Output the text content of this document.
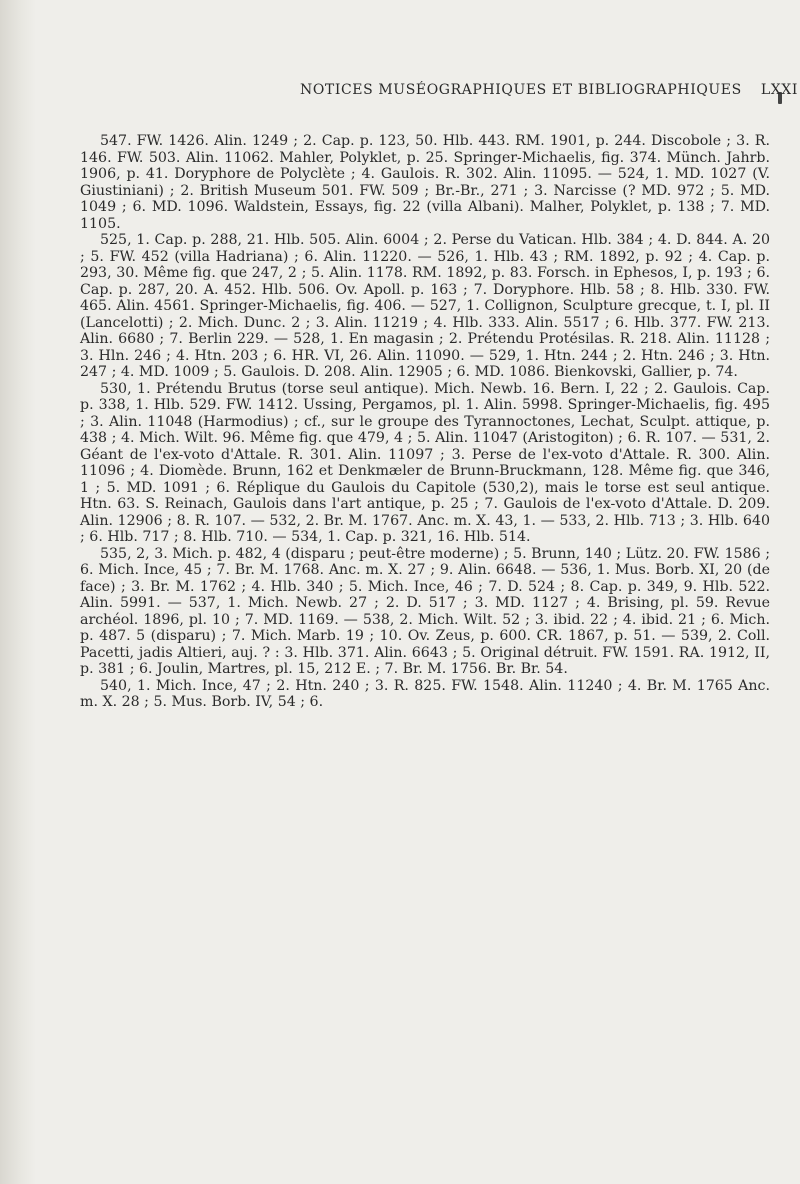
NOTICES MUSÉOGRAPHIQUES ET BIBLIOGRAPHIQUES LXXI

547. FW. 1426. Alin. 1249 ; 2. Cap. p. 123, 50. Hlb. 443. RM. 1901, p. 244. Discobole ; 3. R. 146. FW. 503. Alin. 11062. Mahler, Polyklet, p. 25. Springer-Michaelis, fig. 374. Münch. Jahrb. 1906, p. 41. Doryphore de Polyclète ; 4. Gaulois. R. 302. Alin. 11095. — 524, 1. MD. 1027 (V. Giustiniani) ; 2. British Museum 501. FW. 509 ; Br.-Br., 271 ; 3. Narcisse (? MD. 972 ; 5. MD. 1049 ; 6. MD. 1096. Waldstein, Essays, fig. 22 (villa Albani). Malher, Polyklet, p. 138 ; 7. MD. 1105.

525, 1. Cap. p. 288, 21. Hlb. 505. Alin. 6004 ; 2. Perse du Vatican. Hlb. 384 ; 4. D. 844. A. 20 ; 5. FW. 452 (villa Hadriana) ; 6. Alin. 11220. — 526, 1. Hlb. 43 ; RM. 1892, p. 92 ; 4. Cap. p. 293, 30. Même fig. que 247, 2 ; 5. Alin. 1178. RM. 1892, p. 83. Forsch. in Ephesos, I, p. 193 ; 6. Cap. p. 287, 20. A. 452. Hlb. 506. Ov. Apoll. p. 163 ; 7. Doryphore. Hlb. 58 ; 8. Hlb. 330. FW. 465. Alin. 4561. Springer-Michaelis, fig. 406. — 527, 1. Collignon, Sculpture grecque, t. I, pl. II (Lancelotti) ; 2. Mich. Dunc. 2 ; 3. Alin. 11219 ; 4. Hlb. 333. Alin. 5517 ; 6. Hlb. 377. FW. 213. Alin. 6680 ; 7. Berlin 229. — 528, 1. En magasin ; 2. Prétendu Protésilas. R. 218. Alin. 11128 ; 3. Hln. 246 ; 4. Htn. 203 ; 6. HR. VI, 26. Alin. 11090. — 529, 1. Htn. 244 ; 2. Htn. 246 ; 3. Htn. 247 ; 4. MD. 1009 ; 5. Gaulois. D. 208. Alin. 12905 ; 6. MD. 1086. Bienkovski, Gallier, p. 74.

530, 1. Prétendu Brutus (torse seul antique). Mich. Newb. 16. Bern. I, 22 ; 2. Gaulois. Cap. p. 338, 1. Hlb. 529. FW. 1412. Ussing, Pergamos, pl. 1. Alin. 5998. Springer-Michaelis, fig. 495 ; 3. Alin. 11048 (Harmodius) ; cf., sur le groupe des Tyrannoctones, Lechat, Sculpt. attique, p. 438 ; 4. Mich. Wilt. 96. Même fig. que 479, 4 ; 5. Alin. 11047 (Aristogiton) ; 6. R. 107. — 531, 2. Géant de l'ex-voto d'Attale. R. 301. Alin. 11097 ; 3. Perse de l'ex-voto d'Attale. R. 300. Alin. 11096 ; 4. Diomède. Brunn, 162 et Denkmæler de Brunn-Bruckmann, 128. Même fig. que 346, 1 ; 5. MD. 1091 ; 6. Réplique du Gaulois du Capitole (530,2), mais le torse est seul antique. Htn. 63. S. Reinach, Gaulois dans l'art antique, p. 25 ; 7. Gaulois de l'ex-voto d'Attale. D. 209. Alin. 12906 ; 8. R. 107. — 532, 2. Br. M. 1767. Anc. m. X. 43, 1. — 533, 2. Hlb. 713 ; 3. Hlb. 640 ; 6. Hlb. 717 ; 8. Hlb. 710. — 534, 1. Cap. p. 321, 16. Hlb. 514.

535, 2, 3. Mich. p. 482, 4 (disparu ; peut-être moderne) ; 5. Brunn, 140 ; Lütz. 20. FW. 1586 ; 6. Mich. Ince, 45 ; 7. Br. M. 1768. Anc. m. X. 27 ; 9. Alin. 6648. — 536, 1. Mus. Borb. XI, 20 (de face) ; 3. Br. M. 1762 ; 4. Hlb. 340 ; 5. Mich. Ince, 46 ; 7. D. 524 ; 8. Cap. p. 349, 9. Hlb. 522. Alin. 5991. — 537, 1. Mich. Newb. 27 ; 2. D. 517 ; 3. MD. 1127 ; 4. Brising, pl. 59. Revue archéol. 1896, pl. 10 ; 7. MD. 1169. — 538, 2. Mich. Wilt. 52 ; 3. ibid. 22 ; 4. ibid. 21 ; 6. Mich. p. 487. 5 (disparu) ; 7. Mich. Marb. 19 ; 10. Ov. Zeus, p. 600. CR. 1867, p. 51. — 539, 2. Coll. Pacetti, jadis Altieri, auj. ? : 3. Hlb. 371. Alin. 6643 ; 5. Original détruit. FW. 1591. RA. 1912, II, p. 381 ; 6. Joulin, Martres, pl. 15, 212 E. ; 7. Br. M. 1756. Br. Br. 54.

540, 1. Mich. Ince, 47 ; 2. Htn. 240 ; 3. R. 825. FW. 1548. Alin. 11240 ; 4. Br. M. 1765 Anc. m. X. 28 ; 5. Mus. Borb. IV, 54 ; 6.
